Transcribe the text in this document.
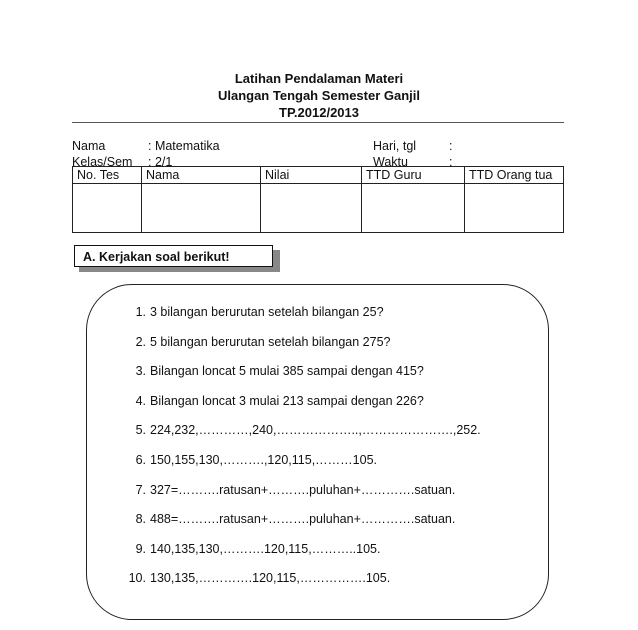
Latihan Pendalaman Materi
Ulangan Tengah Semester Ganjil
TP.2012/2013
Nama	: Matematika
Kelas/Sem	: 2/1
Hari, tgl	:
Waktu	:
No. Tes	Nama	Nilai	TTD Guru	TTD Orang tua

A. Kerjakan soal berikut!
1. 3 bilangan berurutan setelah bilangan 25?
2. 5 bilangan berurutan setelah bilangan 275?
3. Bilangan loncat 5 mulai 385 sampai dengan 415?
4. Bilangan loncat 3 mulai 213 sampai dengan 226?
5. 224,232,…………,240,………………..,………………….,252.
6. 150,155,130,……….,120,115,………105.
7. 327=……….ratusan+……….puluhan+………….satuan.
8. 488=……….ratusan+……….puluhan+………….satuan.
9. 140,135,130,……….120,115,………..105.
10. 130,135,………….120,115,…………….105.
